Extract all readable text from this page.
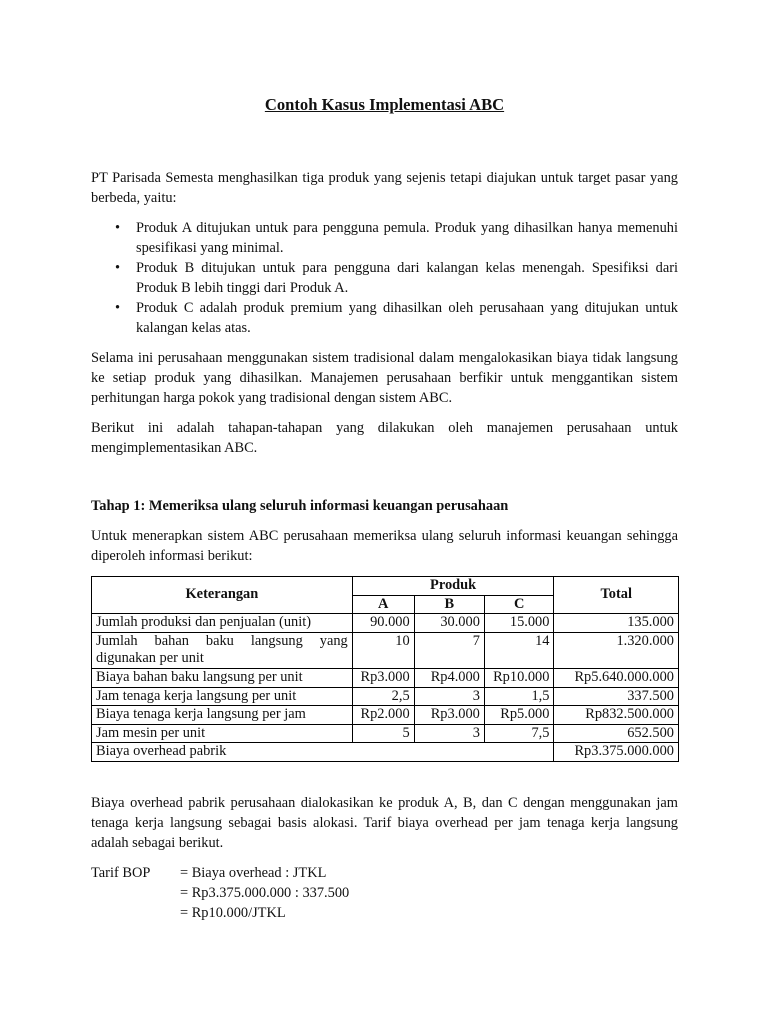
Contoh Kasus Implementasi ABC

PT Parisada Semesta menghasilkan tiga produk yang sejenis tetapi diajukan untuk target pasar yang berbeda, yaitu:

• Produk A ditujukan untuk para pengguna pemula. Produk yang dihasilkan hanya memenuhi spesifikasi yang minimal.
• Produk B ditujukan untuk para pengguna dari kalangan kelas menengah. Spesifiksi dari Produk B lebih tinggi dari Produk A.
• Produk C adalah produk premium yang dihasilkan oleh perusahaan yang ditujukan untuk kalangan kelas atas.

Selama ini perusahaan menggunakan sistem tradisional dalam mengalokasikan biaya tidak langsung ke setiap produk yang dihasilkan. Manajemen perusahaan berfikir untuk menggantikan sistem perhitungan harga pokok yang tradisional dengan sistem ABC.

Berikut ini adalah tahapan-tahapan yang dilakukan oleh manajemen perusahaan untuk mengimplementasikan ABC.

Tahap 1: Memeriksa ulang seluruh informasi keuangan perusahaan

Untuk menerapkan sistem ABC perusahaan memeriksa ulang seluruh informasi keuangan sehingga diperoleh informasi berikut:

Keterangan	Produk			Total
	A	B	C	
Jumlah produksi dan penjualan (unit)	90.000	30.000	15.000	135.000
Jumlah bahan baku langsung yang digunakan per unit	10	7	14	1.320.000
Biaya bahan baku langsung per unit	Rp3.000	Rp4.000	Rp10.000	Rp5.640.000.000
Jam tenaga kerja langsung per unit	2,5	3	1,5	337.500
Biaya tenaga kerja langsung per jam	Rp2.000	Rp3.000	Rp5.000	Rp832.500.000
Jam mesin per unit	5	3	7,5	652.500
Biaya overhead pabrik				Rp3.375.000.000

Biaya overhead pabrik perusahaan dialokasikan ke produk A, B, dan C dengan menggunakan jam tenaga kerja langsung sebagai basis alokasi. Tarif biaya overhead per jam tenaga kerja langsung adalah sebagai berikut.

Tarif BOP	= Biaya overhead : JTKL
= Rp3.375.000.000 : 337.500
= Rp10.000/JTKL
